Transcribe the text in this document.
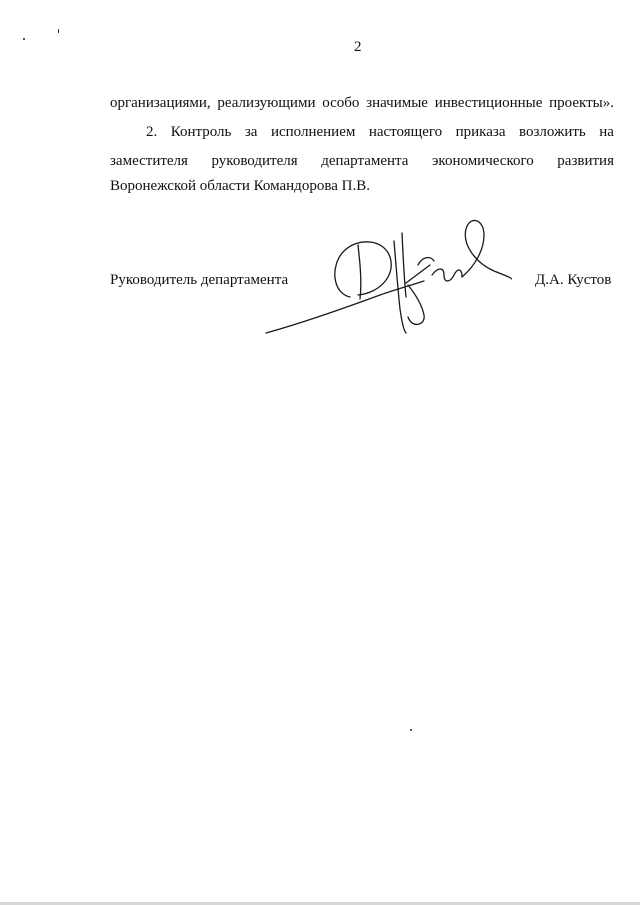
2
организациями, реализующими особо значимые инвестиционные проекты».
2. Контроль за исполнением настоящего приказа возложить на
заместителя руководителя департамента экономического развития
Воронежской области Командорова П.В.
Руководитель департамента	Д.А. Кустов
